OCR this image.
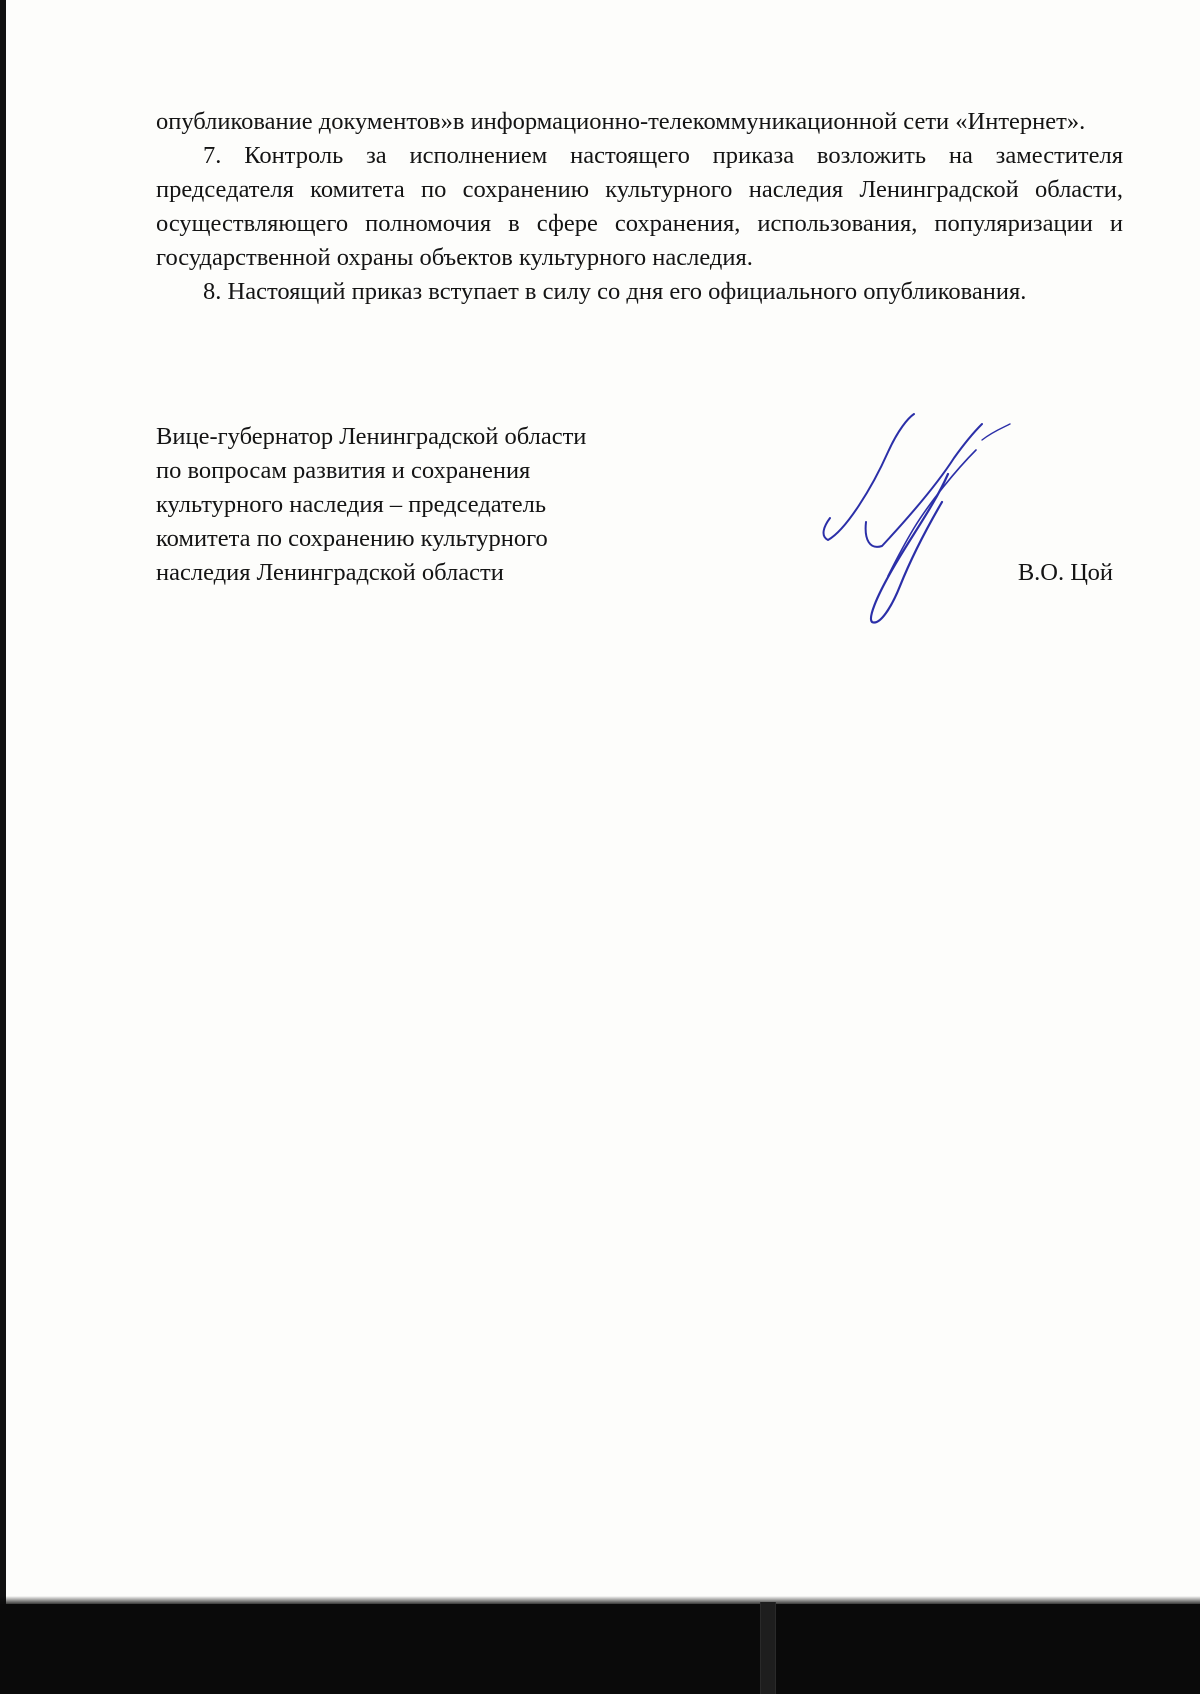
опубликование документов»в информационно-телекоммуникационной сети «Интернет».

7. Контроль за исполнением настоящего приказа возложить на заместителя председателя комитета по сохранению культурного наследия Ленинградской области, осуществляющего полномочия в сфере сохранения, использования, популяризации и государственной охраны объектов культурного наследия.

8. Настоящий приказ вступает в силу со дня его официального опубликования.

Вице-губернатор Ленинградской области
по вопросам развития и сохранения
культурного наследия – председатель
комитета по сохранению культурного
наследия Ленинградской области	В.О. Цой
